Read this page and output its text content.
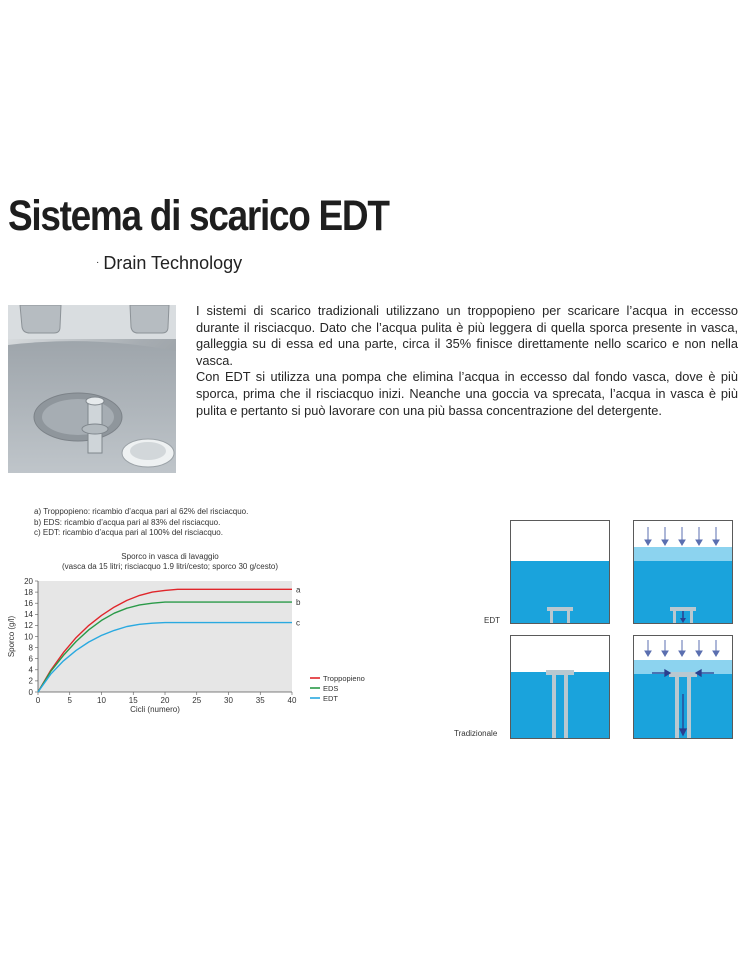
Sistema di scarico EDT
· Drain Technology

I sistemi di scarico tradizionali utilizzano un troppopieno per scaricare l’acqua in eccesso durante il risciacquo. Dato che l’acqua pulita è più leggera di quella sporca presente in vasca, galleggia su di essa ed una parte, circa il 35% finisce direttamente nello scarico e non nella vasca.

Con EDT si utilizza una pompa che elimina l’acqua in eccesso dal fondo vasca, dove è più sporca, prima che il risciacquo inizi. Neanche una goccia va sprecata, l’acqua in vasca è più pulita e pertanto si può lavorare con una più bassa concentrazione del detergente.

a) Troppopieno: ricambio d’acqua pari al 62% del risciacquo.
b) EDS: ricambio d’acqua pari al 83% del risciacquo.
c) EDT: ricambio d’acqua pari al 100% del risciacquo.
Sporco in vasca di lavaggio
(vasca da 15 litri; risciacquo 1.9 litri/cesto; sporco 30 g/cesto)
0
2
4
6
8
10
12
14
16
18
20
0	5	10	15	20	25	30	35	40
Cicli (numero)
Sporco (g/l)
a
Troppopieno
b
EDS
c
EDT
EDT
Tradizionale
